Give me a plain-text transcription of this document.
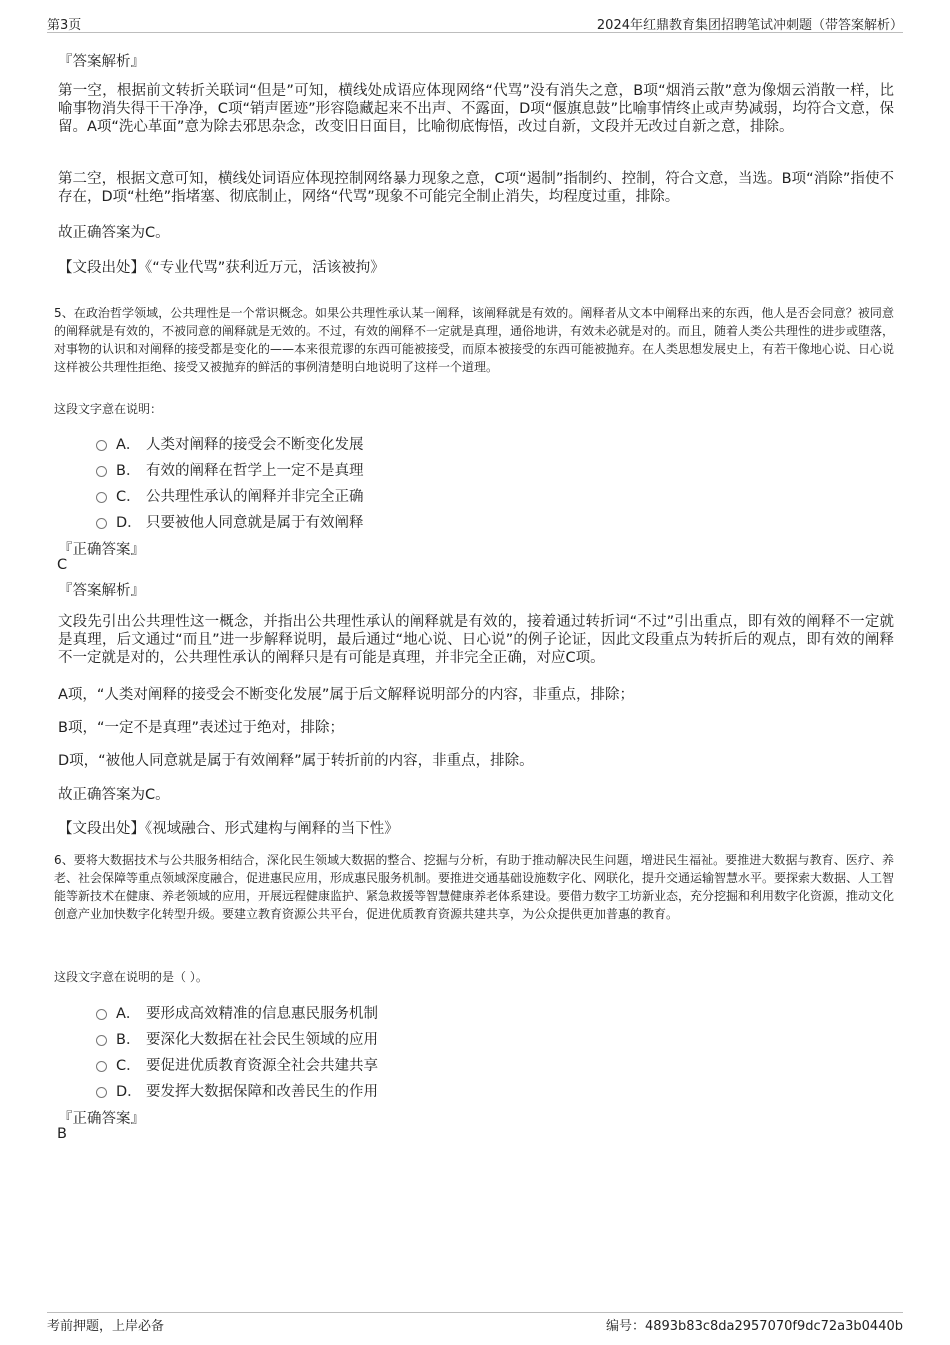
第3页	2024年红鼎教育集团招聘笔试冲刺题（带答案解析）

『答案解析』

第一空，根据前文转折关联词“但是”可知，横线处成语应体现网络“代骂”没有消失之意，B项“烟消云散”意为像烟云消散一样，比喻事物消失得干干净净，C项“销声匿迹”形容隐藏起来不出声、不露面，D项“偃旗息鼓”比喻事情终止或声势减弱，均符合文意，保留。A项“洗心革面”意为除去邪思杂念，改变旧日面目，比喻彻底悔悟，改过自新，文段并无改过自新之意，排除。

第二空，根据文意可知，横线处词语应体现控制网络暴力现象之意，C项“遏制”指制约、控制，符合文意，当选。B项“消除”指使不存在，D项“杜绝”指堵塞、彻底制止，网络“代骂”现象不可能完全制止消失，均程度过重，排除。

故正确答案为C。

【文段出处】《“专业代骂”获利近万元，活该被拘》

5、在政治哲学领域，公共理性是一个常识概念。如果公共理性承认某一阐释，该阐释就是有效的。阐释者从文本中阐释出来的东西，他人是否会同意？被同意的阐释就是有效的，不被同意的阐释就是无效的。不过，有效的阐释不一定就是真理，通俗地讲，有效未必就是对的。而且，随着人类公共理性的进步或堕落，对事物的认识和对阐释的接受都是变化的——本来很荒谬的东西可能被接受，而原本被接受的东西可能被抛弃。在人类思想发展史上，有若干像地心说、日心说这样被公共理性拒绝、接受又被抛弃的鲜活的事例清楚明白地说明了这样一个道理。

这段文字意在说明：

A． 人类对阐释的接受会不断变化发展
B． 有效的阐释在哲学上一定不是真理
C． 公共理性承认的阐释并非完全正确
D． 只要被他人同意就是属于有效阐释

『正确答案』

C

『答案解析』

文段先引出公共理性这一概念，并指出公共理性承认的阐释就是有效的，接着通过转折词“不过”引出重点，即有效的阐释不一定就是真理，后文通过“而且”进一步解释说明，最后通过“地心说、日心说”的例子论证，因此文段重点为转折后的观点，即有效的阐释不一定就是对的，公共理性承认的阐释只是有可能是真理，并非完全正确，对应C项。

A项，“人类对阐释的接受会不断变化发展”属于后文解释说明部分的内容，非重点，排除；

B项，“一定不是真理”表述过于绝对，排除；

D项，“被他人同意就是属于有效阐释”属于转折前的内容，非重点，排除。

故正确答案为C。

【文段出处】《视域融合、形式建构与阐释的当下性》

6、要将大数据技术与公共服务相结合，深化民生领域大数据的整合、挖掘与分析，有助于推动解决民生问题，增进民生福祉。要推进大数据与教育、医疗、养老、社会保障等重点领域深度融合，促进惠民应用，形成惠民服务机制。要推进交通基础设施数字化、网联化，提升交通运输智慧水平。要探索大数据、人工智能等新技术在健康、养老领域的应用，开展远程健康监护、紧急救援等智慧健康养老体系建设。要借力数字工坊新业态，充分挖掘和利用数字化资源，推动文化创意产业加快数字化转型升级。要建立教育资源公共平台，促进优质教育资源共建共享，为公众提供更加普惠的教育。

这段文字意在说明的是（ ）。

A． 要形成高效精准的信息惠民服务机制
B． 要深化大数据在社会民生领域的应用
C． 要促进优质教育资源全社会共建共享
D． 要发挥大数据保障和改善民生的作用

『正确答案』

B

考前押题，上岸必备	编号：4893b83c8da2957070f9dc72a3b0440b
